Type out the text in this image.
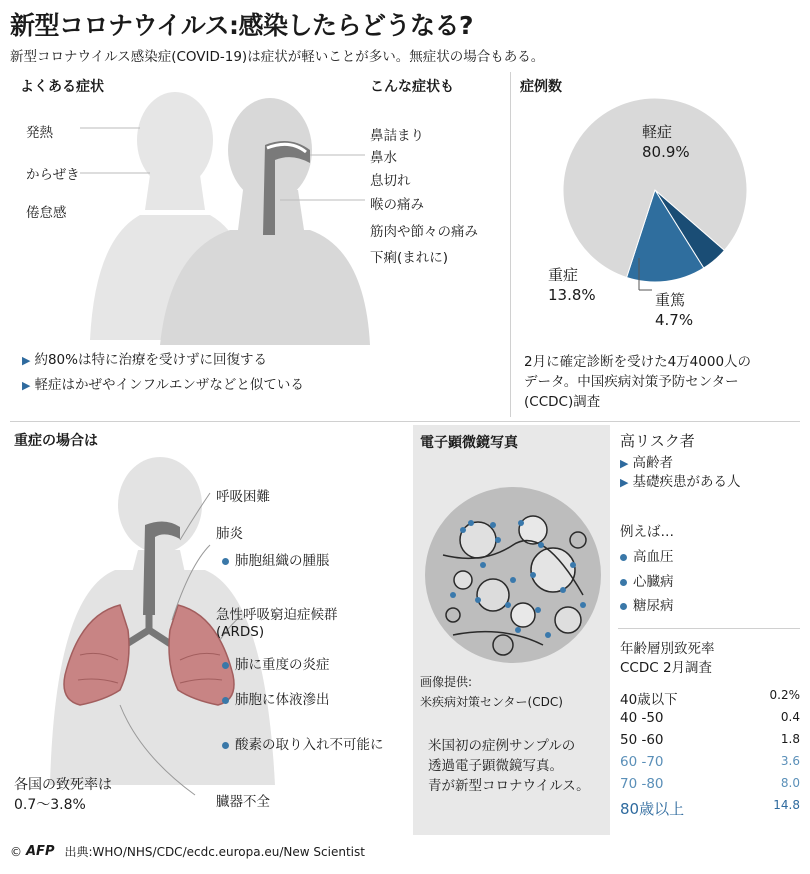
新型コロナウイルス:感染したらどうなる?
新型コロナウイルス感染症(COVID-19)は症状が軽いことが多い。無症状の場合もある。
よくある症状
発熱
からぜき
倦怠感
こんな症状も
鼻詰まり
鼻水
息切れ
喉の痛み
筋肉や節々の痛み
下痢(まれに)
▶ 約80%は特に治療を受けずに回復する
▶ 軽症はかぜやインフルエンザなどと似ている
症例数
軽症
80.9%
重症
13.8%	重篤
4.7%
2月に確定診断を受けた4万4000人の
データ。中国疾病対策予防センター
(CCDC)調査
重症の場合は
呼吸困難
肺炎
肺胞組織の腫脹
急性呼吸窮迫症候群
(ARDS)
肺に重度の炎症
肺胞に体液滲出
酸素の取り入れ不可能に
臓器不全
各国の致死率は
0.7〜3.8%
電子顕微鏡写真
画像提供:
米疾病対策センター(CDC)
米国初の症例サンプルの
透過電子顕微鏡写真。
青が新型コロナウイルス。
高リスク者
▶ 高齢者
▶ 基礎疾患がある人
例えば…
高血圧
心臓病
糖尿病
年齢層別致死率
CCDC 2月調査
40歳以下	0.2%
40 -50	0.4
50 -60	1.8
60 -70	3.6
70 -80	8.0
80歳以上	14.8
© AFP 出典:WHO/NHS/CDC/ecdc.europa.eu/New Scientist
